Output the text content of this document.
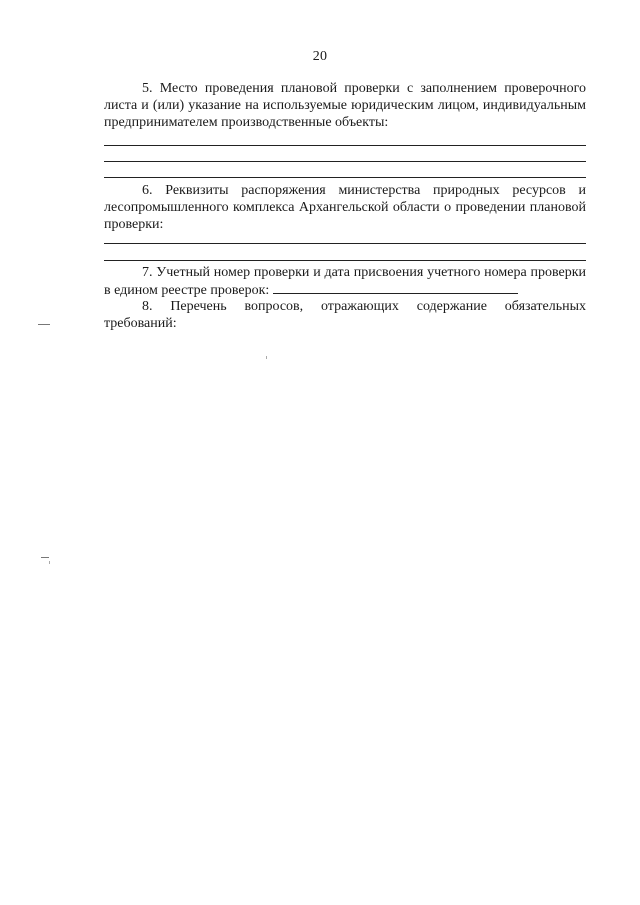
20

5. Место проведения плановой проверки с заполнением проверочного листа и (или) указание на используемые юридическим лицом, индивидуальным предпринимателем производственные объекты:

6. Реквизиты распоряжения министерства природных ресурсов и лесопромышленного комплекса Архангельской области о проведении плановой проверки:

7. Учетный номер проверки и дата присвоения учетного номера проверки в едином реестре проверок:

8. Перечень вопросов, отражающих содержание обязательных требований:
